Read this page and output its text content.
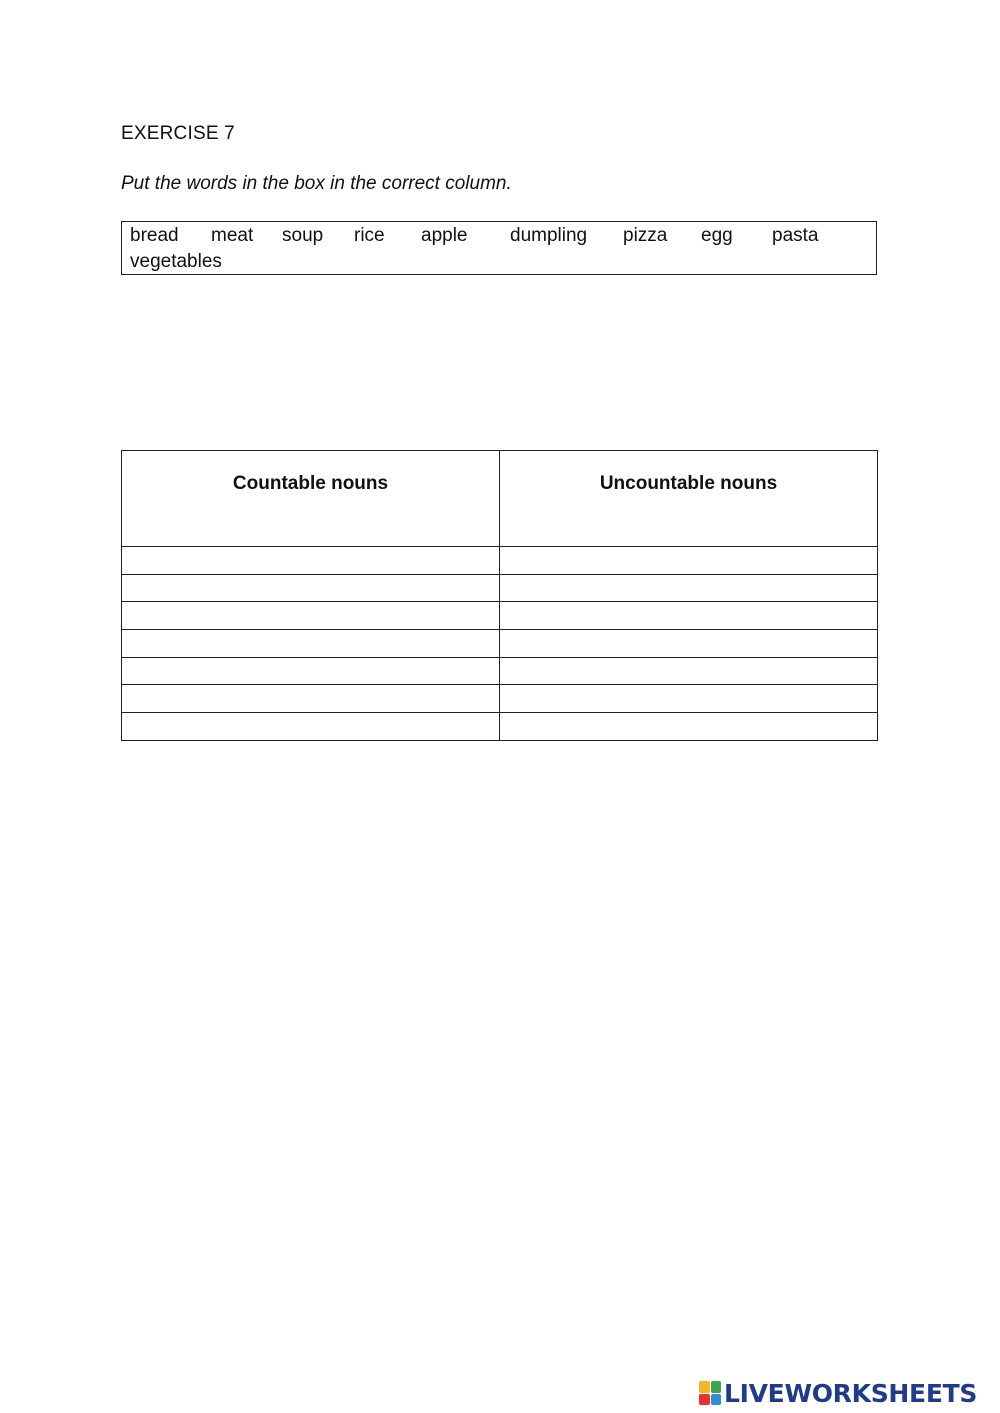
EXERCISE 7
Put the words in the box in the correct column.
bread meat soup rice apple dumpling pizza egg pasta
vegetables
Countable nouns	Uncountable nouns

LIVEWORKSHEETS
